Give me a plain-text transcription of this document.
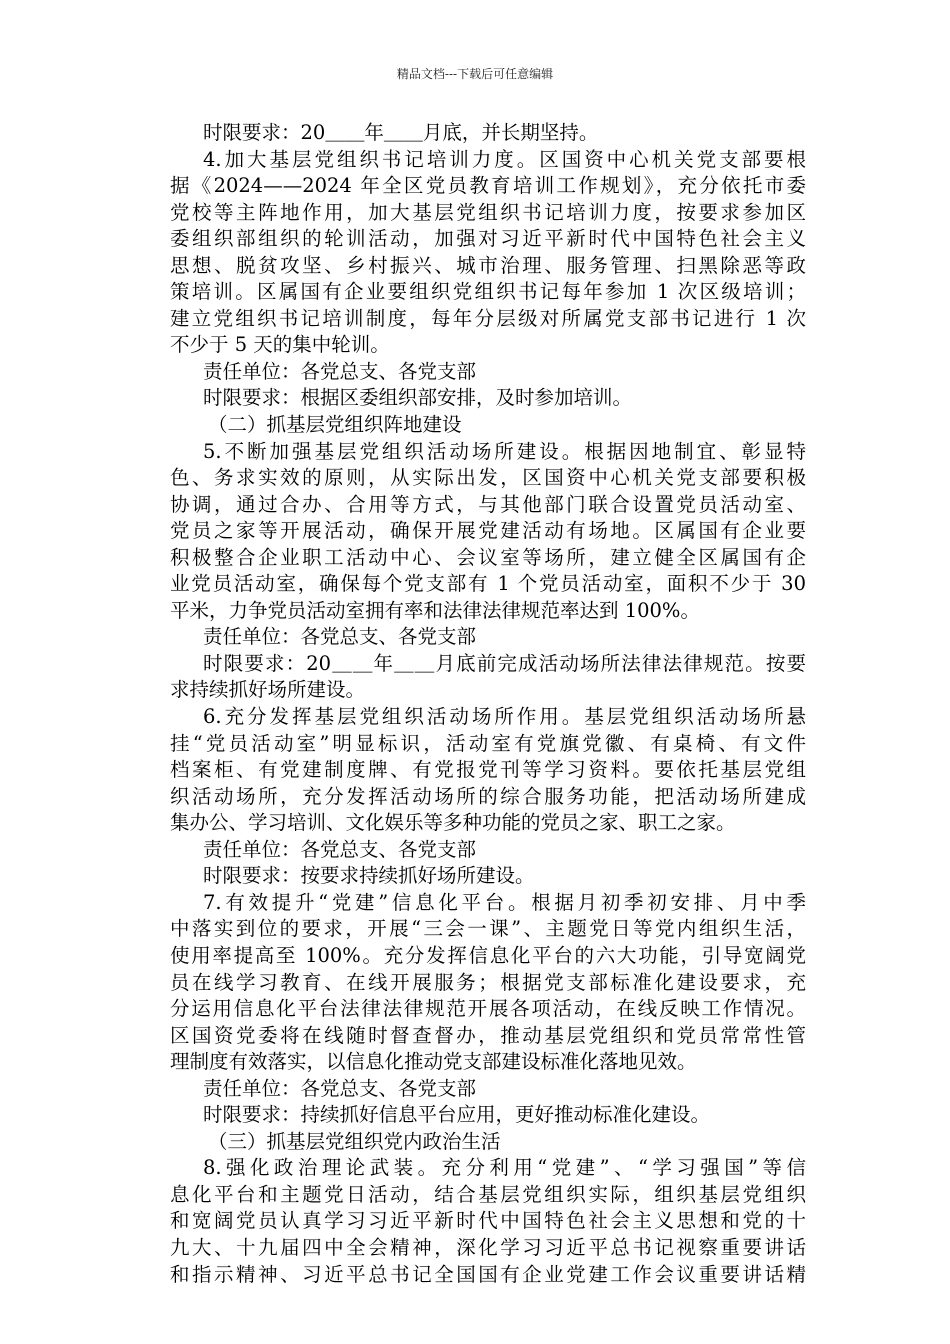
精品文档---下载后可任意编辑
时限要求：20＿＿年＿＿月底，并长期坚持。
4.加大基层党组织书记培训力度。区国资中心机关党支部要根
据《2024——2024 年全区党员教育培训工作规划》，充分依托市委
党校等主阵地作用，加大基层党组织书记培训力度，按要求参加区
委组织部组织的轮训活动，加强对习近平新时代中国特色社会主义
思想、脱贫攻坚、乡村振兴、城市治理、服务管理、扫黑除恶等政
策培训。区属国有企业要组织党组织书记每年参加 1 次区级培训；
建立党组织书记培训制度，每年分层级对所属党支部书记进行 1 次
不少于 5 天的集中轮训。
责任单位：各党总支、各党支部
时限要求：根据区委组织部安排，及时参加培训。
（二）抓基层党组织阵地建设
5.不断加强基层党组织活动场所建设。根据因地制宜、彰显特
色、务求实效的原则，从实际出发，区国资中心机关党支部要积极
协调，通过合办、合用等方式，与其他部门联合设置党员活动室、
党员之家等开展活动，确保开展党建活动有场地。区属国有企业要
积极整合企业职工活动中心、会议室等场所，建立健全区属国有企
业党员活动室，确保每个党支部有 1 个党员活动室，面积不少于 30
平米，力争党员活动室拥有率和法律法律规范率达到 100%。
责任单位：各党总支、各党支部
时限要求：20＿＿年＿＿月底前完成活动场所法律法律规范。按要
求持续抓好场所建设。
6.充分发挥基层党组织活动场所作用。基层党组织活动场所悬
挂“党员活动室”明显标识，活动室有党旗党徽、有桌椅、有文件
档案柜、有党建制度牌、有党报党刊等学习资料。要依托基层党组
织活动场所，充分发挥活动场所的综合服务功能，把活动场所建成
集办公、学习培训、文化娱乐等多种功能的党员之家、职工之家。
责任单位：各党总支、各党支部
时限要求：按要求持续抓好场所建设。
7.有效提升“党建”信息化平台。根据月初季初安排、月中季
中落实到位的要求，开展“三会一课”、主题党日等党内组织生活，
使用率提高至 100%。充分发挥信息化平台的六大功能，引导宽阔党
员在线学习教育、在线开展服务；根据党支部标准化建设要求，充
分运用信息化平台法律法律规范开展各项活动，在线反映工作情况。
区国资党委将在线随时督查督办，推动基层党组织和党员常常性管
理制度有效落实，以信息化推动党支部建设标准化落地见效。
责任单位：各党总支、各党支部
时限要求：持续抓好信息平台应用，更好推动标准化建设。
（三）抓基层党组织党内政治生活
8.强化政治理论武装。充分利用“党建”、“学习强国”等信
息化平台和主题党日活动，结合基层党组织实际，组织基层党组织
和宽阔党员认真学习习近平新时代中国特色社会主义思想和党的十
九大、十九届四中全会精神，深化学习习近平总书记视察重要讲话
和指示精神、习近平总书记全国国有企业党建工作会议重要讲话精
